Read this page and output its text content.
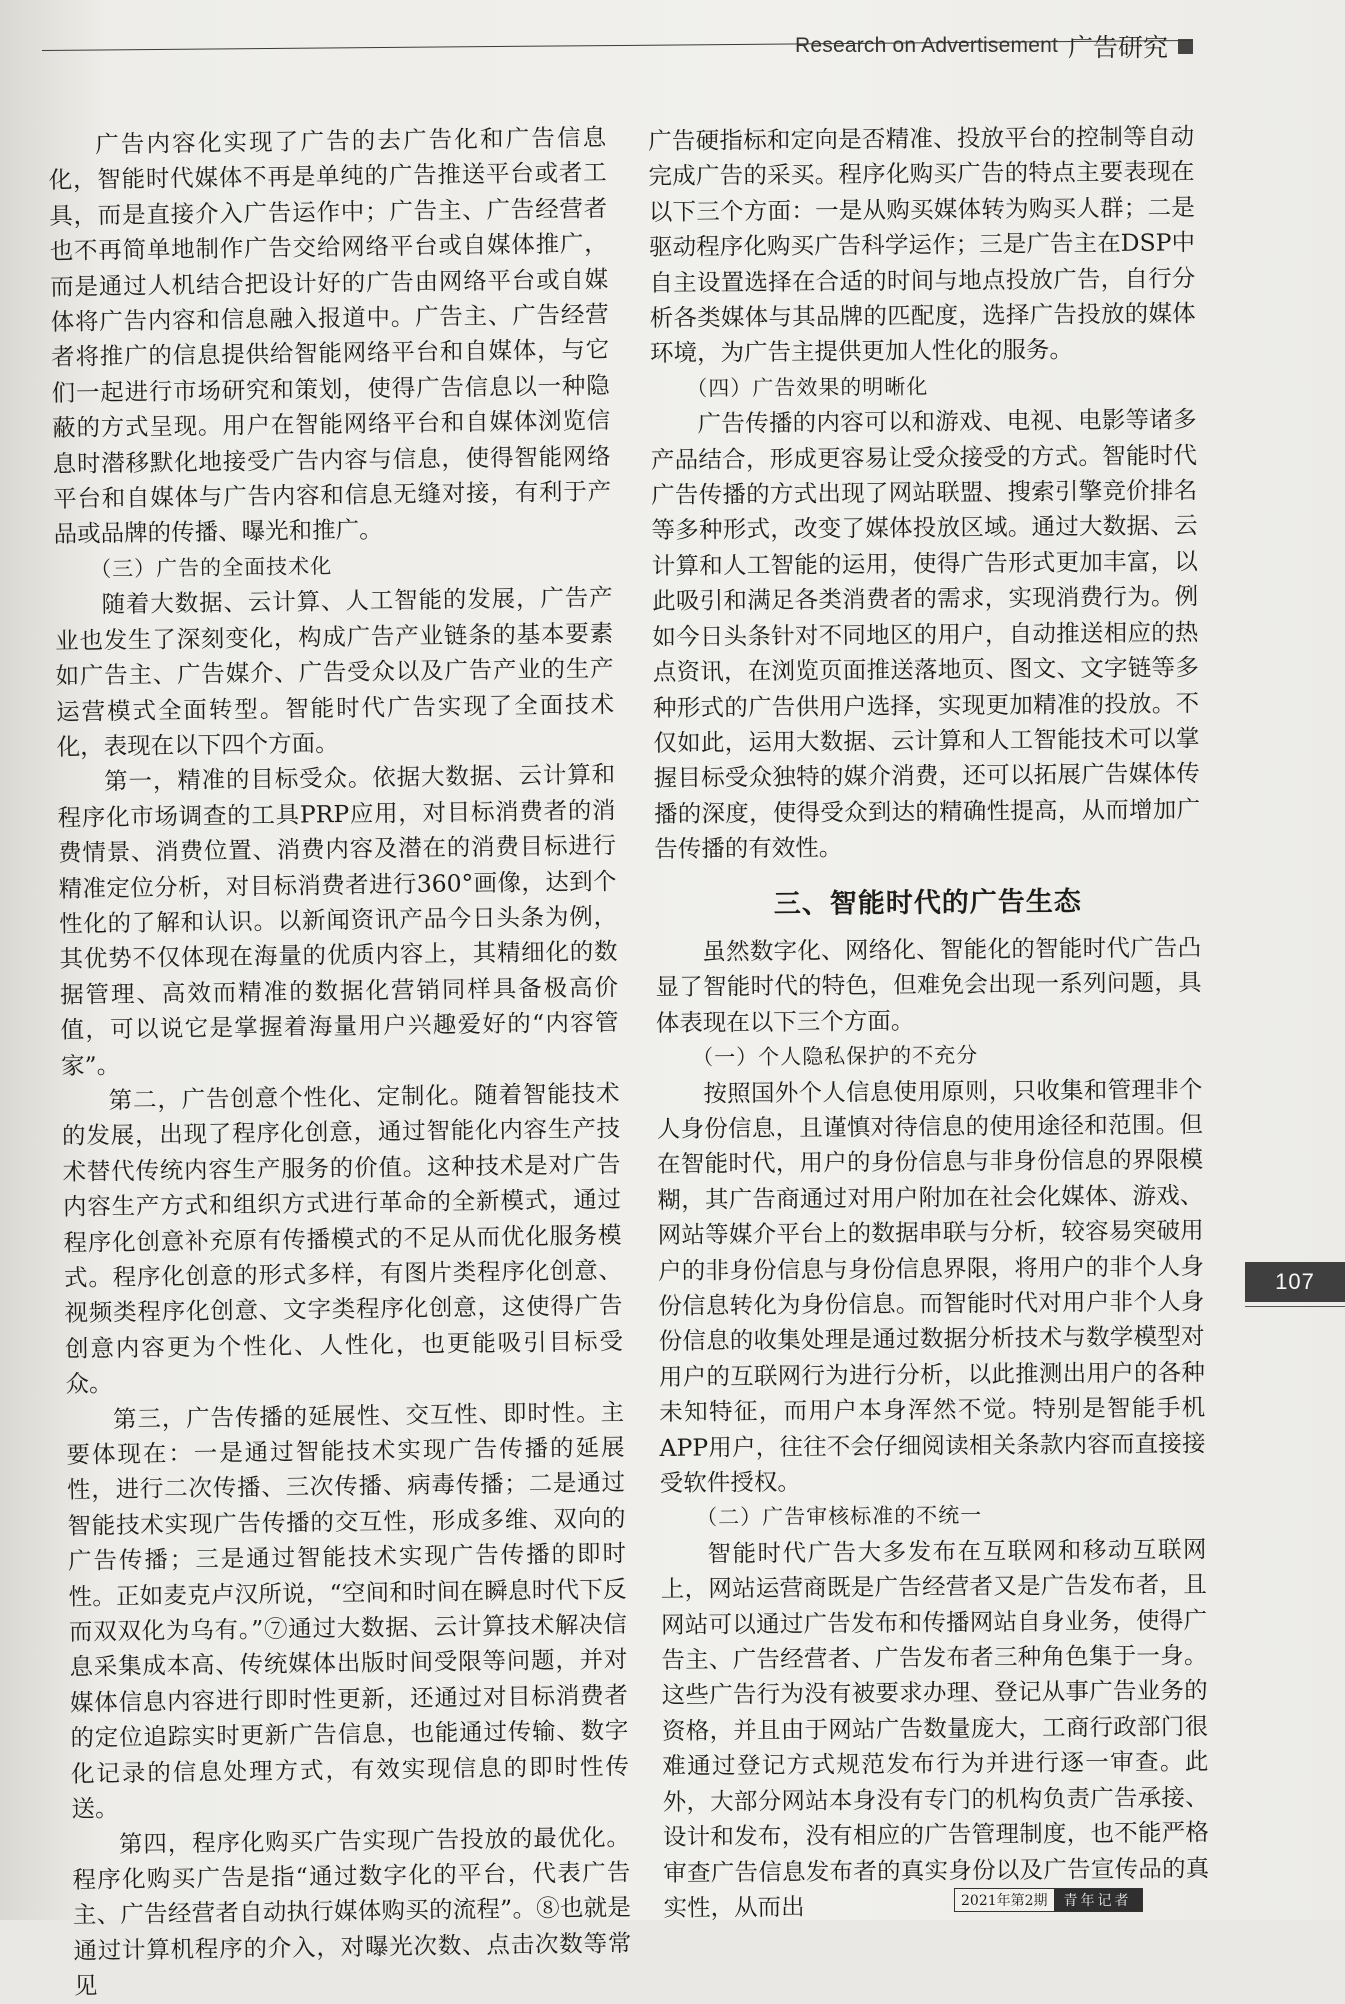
Research on Advertisement 广告研究

广告内容化实现了广告的去广告化和广告信息化，智能时代媒体不再是单纯的广告推送平台或者工具，而是直接介入广告运作中；广告主、广告经营者也不再简单地制作广告交给网络平台或自媒体推广，而是通过人机结合把设计好的广告由网络平台或自媒体将广告内容和信息融入报道中。广告主、广告经营者将推广的信息提供给智能网络平台和自媒体，与它们一起进行市场研究和策划，使得广告信息以一种隐蔽的方式呈现。用户在智能网络平台和自媒体浏览信息时潜移默化地接受广告内容与信息，使得智能网络平台和自媒体与广告内容和信息无缝对接，有利于产品或品牌的传播、曝光和推广。

（三）广告的全面技术化

随着大数据、云计算、人工智能的发展，广告产业也发生了深刻变化，构成广告产业链条的基本要素如广告主、广告媒介、广告受众以及广告产业的生产运营模式全面转型。智能时代广告实现了全面技术化，表现在以下四个方面。

第一，精准的目标受众。依据大数据、云计算和程序化市场调查的工具PRP应用，对目标消费者的消费情景、消费位置、消费内容及潜在的消费目标进行精准定位分析，对目标消费者进行360°画像，达到个性化的了解和认识。以新闻资讯产品今日头条为例，其优势不仅体现在海量的优质内容上，其精细化的数据管理、高效而精准的数据化营销同样具备极高价值，可以说它是掌握着海量用户兴趣爱好的“内容管家”。

第二，广告创意个性化、定制化。随着智能技术的发展，出现了程序化创意，通过智能化内容生产技术替代传统内容生产服务的价值。这种技术是对广告内容生产方式和组织方式进行革命的全新模式，通过程序化创意补充原有传播模式的不足从而优化服务模式。程序化创意的形式多样，有图片类程序化创意、视频类程序化创意、文字类程序化创意，这使得广告创意内容更为个性化、人性化，也更能吸引目标受众。

第三，广告传播的延展性、交互性、即时性。主要体现在：一是通过智能技术实现广告传播的延展性，进行二次传播、三次传播、病毒传播；二是通过智能技术实现广告传播的交互性，形成多维、双向的广告传播；三是通过智能技术实现广告传播的即时性。正如麦克卢汉所说，“空间和时间在瞬息时代下反而双双化为乌有。”⑦通过大数据、云计算技术解决信息采集成本高、传统媒体出版时间受限等问题，并对媒体信息内容进行即时性更新，还通过对目标消费者的定位追踪实时更新广告信息，也能通过传输、数字化记录的信息处理方式，有效实现信息的即时性传送。

第四，程序化购买广告实现广告投放的最优化。程序化购买广告是指“通过数字化的平台，代表广告主、广告经营者自动执行媒体购买的流程”。⑧也就是通过计算机程序的介入，对曝光次数、点击次数等常见

广告硬指标和定向是否精准、投放平台的控制等自动完成广告的采买。程序化购买广告的特点主要表现在以下三个方面：一是从购买媒体转为购买人群；二是驱动程序化购买广告科学运作；三是广告主在DSP中自主设置选择在合适的时间与地点投放广告，自行分析各类媒体与其品牌的匹配度，选择广告投放的媒体环境，为广告主提供更加人性化的服务。

（四）广告效果的明晰化

广告传播的内容可以和游戏、电视、电影等诸多产品结合，形成更容易让受众接受的方式。智能时代广告传播的方式出现了网站联盟、搜索引擎竞价排名等多种形式，改变了媒体投放区域。通过大数据、云计算和人工智能的运用，使得广告形式更加丰富，以此吸引和满足各类消费者的需求，实现消费行为。例如今日头条针对不同地区的用户，自动推送相应的热点资讯，在浏览页面推送落地页、图文、文字链等多种形式的广告供用户选择，实现更加精准的投放。不仅如此，运用大数据、云计算和人工智能技术可以掌握目标受众独特的媒介消费，还可以拓展广告媒体传播的深度，使得受众到达的精确性提高，从而增加广告传播的有效性。

三、智能时代的广告生态

虽然数字化、网络化、智能化的智能时代广告凸显了智能时代的特色，但难免会出现一系列问题，具体表现在以下三个方面。

（一）个人隐私保护的不充分

按照国外个人信息使用原则，只收集和管理非个人身份信息，且谨慎对待信息的使用途径和范围。但在智能时代，用户的身份信息与非身份信息的界限模糊，其广告商通过对用户附加在社会化媒体、游戏、网站等媒介平台上的数据串联与分析，较容易突破用户的非身份信息与身份信息界限，将用户的非个人身份信息转化为身份信息。而智能时代对用户非个人身份信息的收集处理是通过数据分析技术与数学模型对用户的互联网行为进行分析，以此推测出用户的各种未知特征，而用户本身浑然不觉。特别是智能手机APP用户，往往不会仔细阅读相关条款内容而直接接受软件授权。

（二）广告审核标准的不统一

智能时代广告大多发布在互联网和移动互联网上，网站运营商既是广告经营者又是广告发布者，且网站可以通过广告发布和传播网站自身业务，使得广告主、广告经营者、广告发布者三种角色集于一身。这些广告行为没有被要求办理、登记从事广告业务的资格，并且由于网站广告数量庞大，工商行政部门很难通过登记方式规范发布行为并进行逐一审查。此外，大部分网站本身没有专门的机构负责广告承接、设计和发布，没有相应的广告管理制度，也不能严格审查广告信息发布者的真实身份以及广告宣传品的真实性，从而出

107
2021年第2期	青年记者
